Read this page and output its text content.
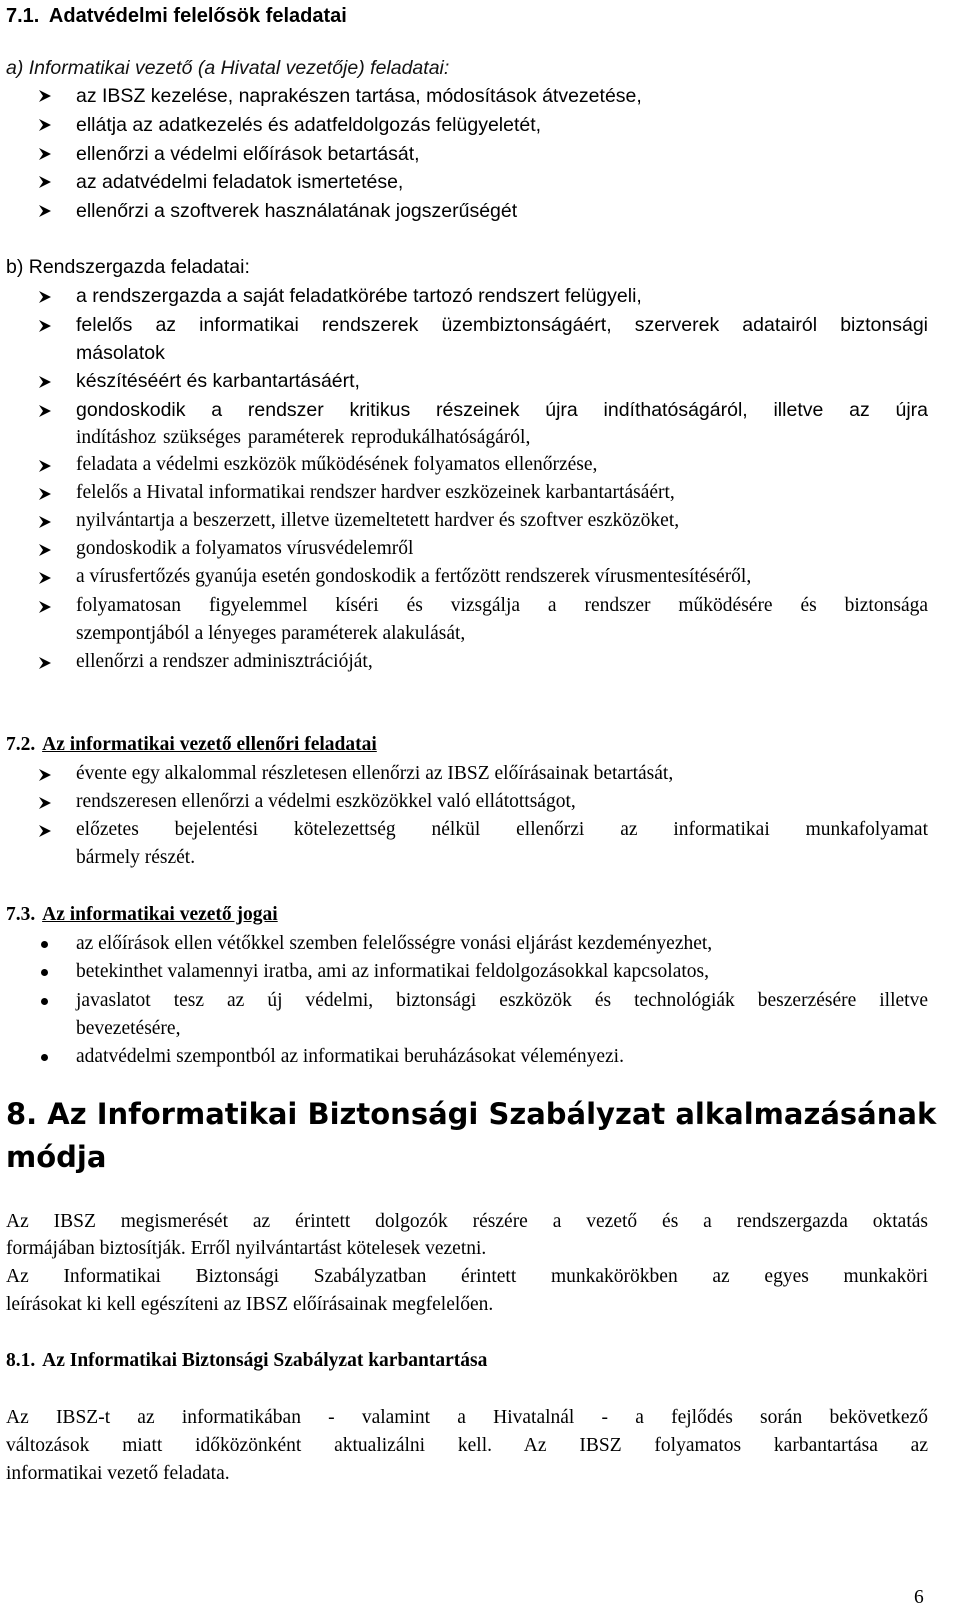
7.1. Adatvédelmi felelősök feladatai
a) Informatikai vezető (a Hivatal vezetője) feladatai:
az IBSZ kezelése, naprakészen tartása, módosítások átvezetése,
ellátja az adatkezelés és adatfeldolgozás felügyeletét,
ellenőrzi a védelmi előírások betartását,
az adatvédelmi feladatok ismertetése,
ellenőrzi a szoftverek használatának jogszerűségét
b) Rendszergazda feladatai:
a rendszergazda a saját feladatkörébe tartozó rendszert felügyeli,
felelős az informatikai rendszerek üzembiztonságáért, szerverek adatairól biztonsági
másolatok
készítéséért és karbantartásáért,
gondoskodik a rendszer kritikus részeinek újra indíthatóságáról, illetve az újra
indításhoz szükséges paraméterek reprodukálhatóságáról,
feladata a védelmi eszközök működésének folyamatos ellenőrzése,
felelős a Hivatal informatikai rendszer hardver eszközeinek karbantartásáért,
nyilvántartja a beszerzett, illetve üzemeltetett hardver és szoftver eszközöket,
gondoskodik a folyamatos vírusvédelemről
a vírusfertőzés gyanúja esetén gondoskodik a fertőzött rendszerek vírusmentesítéséről,
folyamatosan figyelemmel kíséri és vizsgálja a rendszer működésére és biztonsága
szempontjából a lényeges paraméterek alakulását,
ellenőrzi a rendszer adminisztrációját,
7.2. Az informatikai vezető ellenőri feladatai
évente egy alkalommal részletesen ellenőrzi az IBSZ előírásainak betartását,
rendszeresen ellenőrzi a védelmi eszközökkel való ellátottságot,
előzetes bejelentési kötelezettség nélkül ellenőrzi az informatikai munkafolyamat
bármely részét.
7.3. Az informatikai vezető jogai
az előírások ellen vétőkkel szemben felelősségre vonási eljárást kezdeményezhet,
betekinthet valamennyi iratba, ami az informatikai feldolgozásokkal kapcsolatos,
javaslatot tesz az új védelmi, biztonsági eszközök és technológiák beszerzésére illetve
bevezetésére,
adatvédelmi szempontból az informatikai beruházásokat véleményezi.
8. Az Informatikai Biztonsági Szabályzat alkalmazásának
módja
Az IBSZ megismerését az érintett dolgozók részére a vezető és a rendszergazda oktatás
formájában biztosítják. Erről nyilvántartást kötelesek vezetni.
Az Informatikai Biztonsági Szabályzatban érintett munkakörökben az egyes munkaköri
leírásokat ki kell egészíteni az IBSZ előírásainak megfelelően.
8.1. Az Informatikai Biztonsági Szabályzat karbantartása
Az IBSZ-t az informatikában - valamint a Hivatalnál - a fejlődés során bekövetkező
változások miatt időközönként aktualizálni kell. Az IBSZ folyamatos karbantartása az
informatikai vezető feladata.
6
